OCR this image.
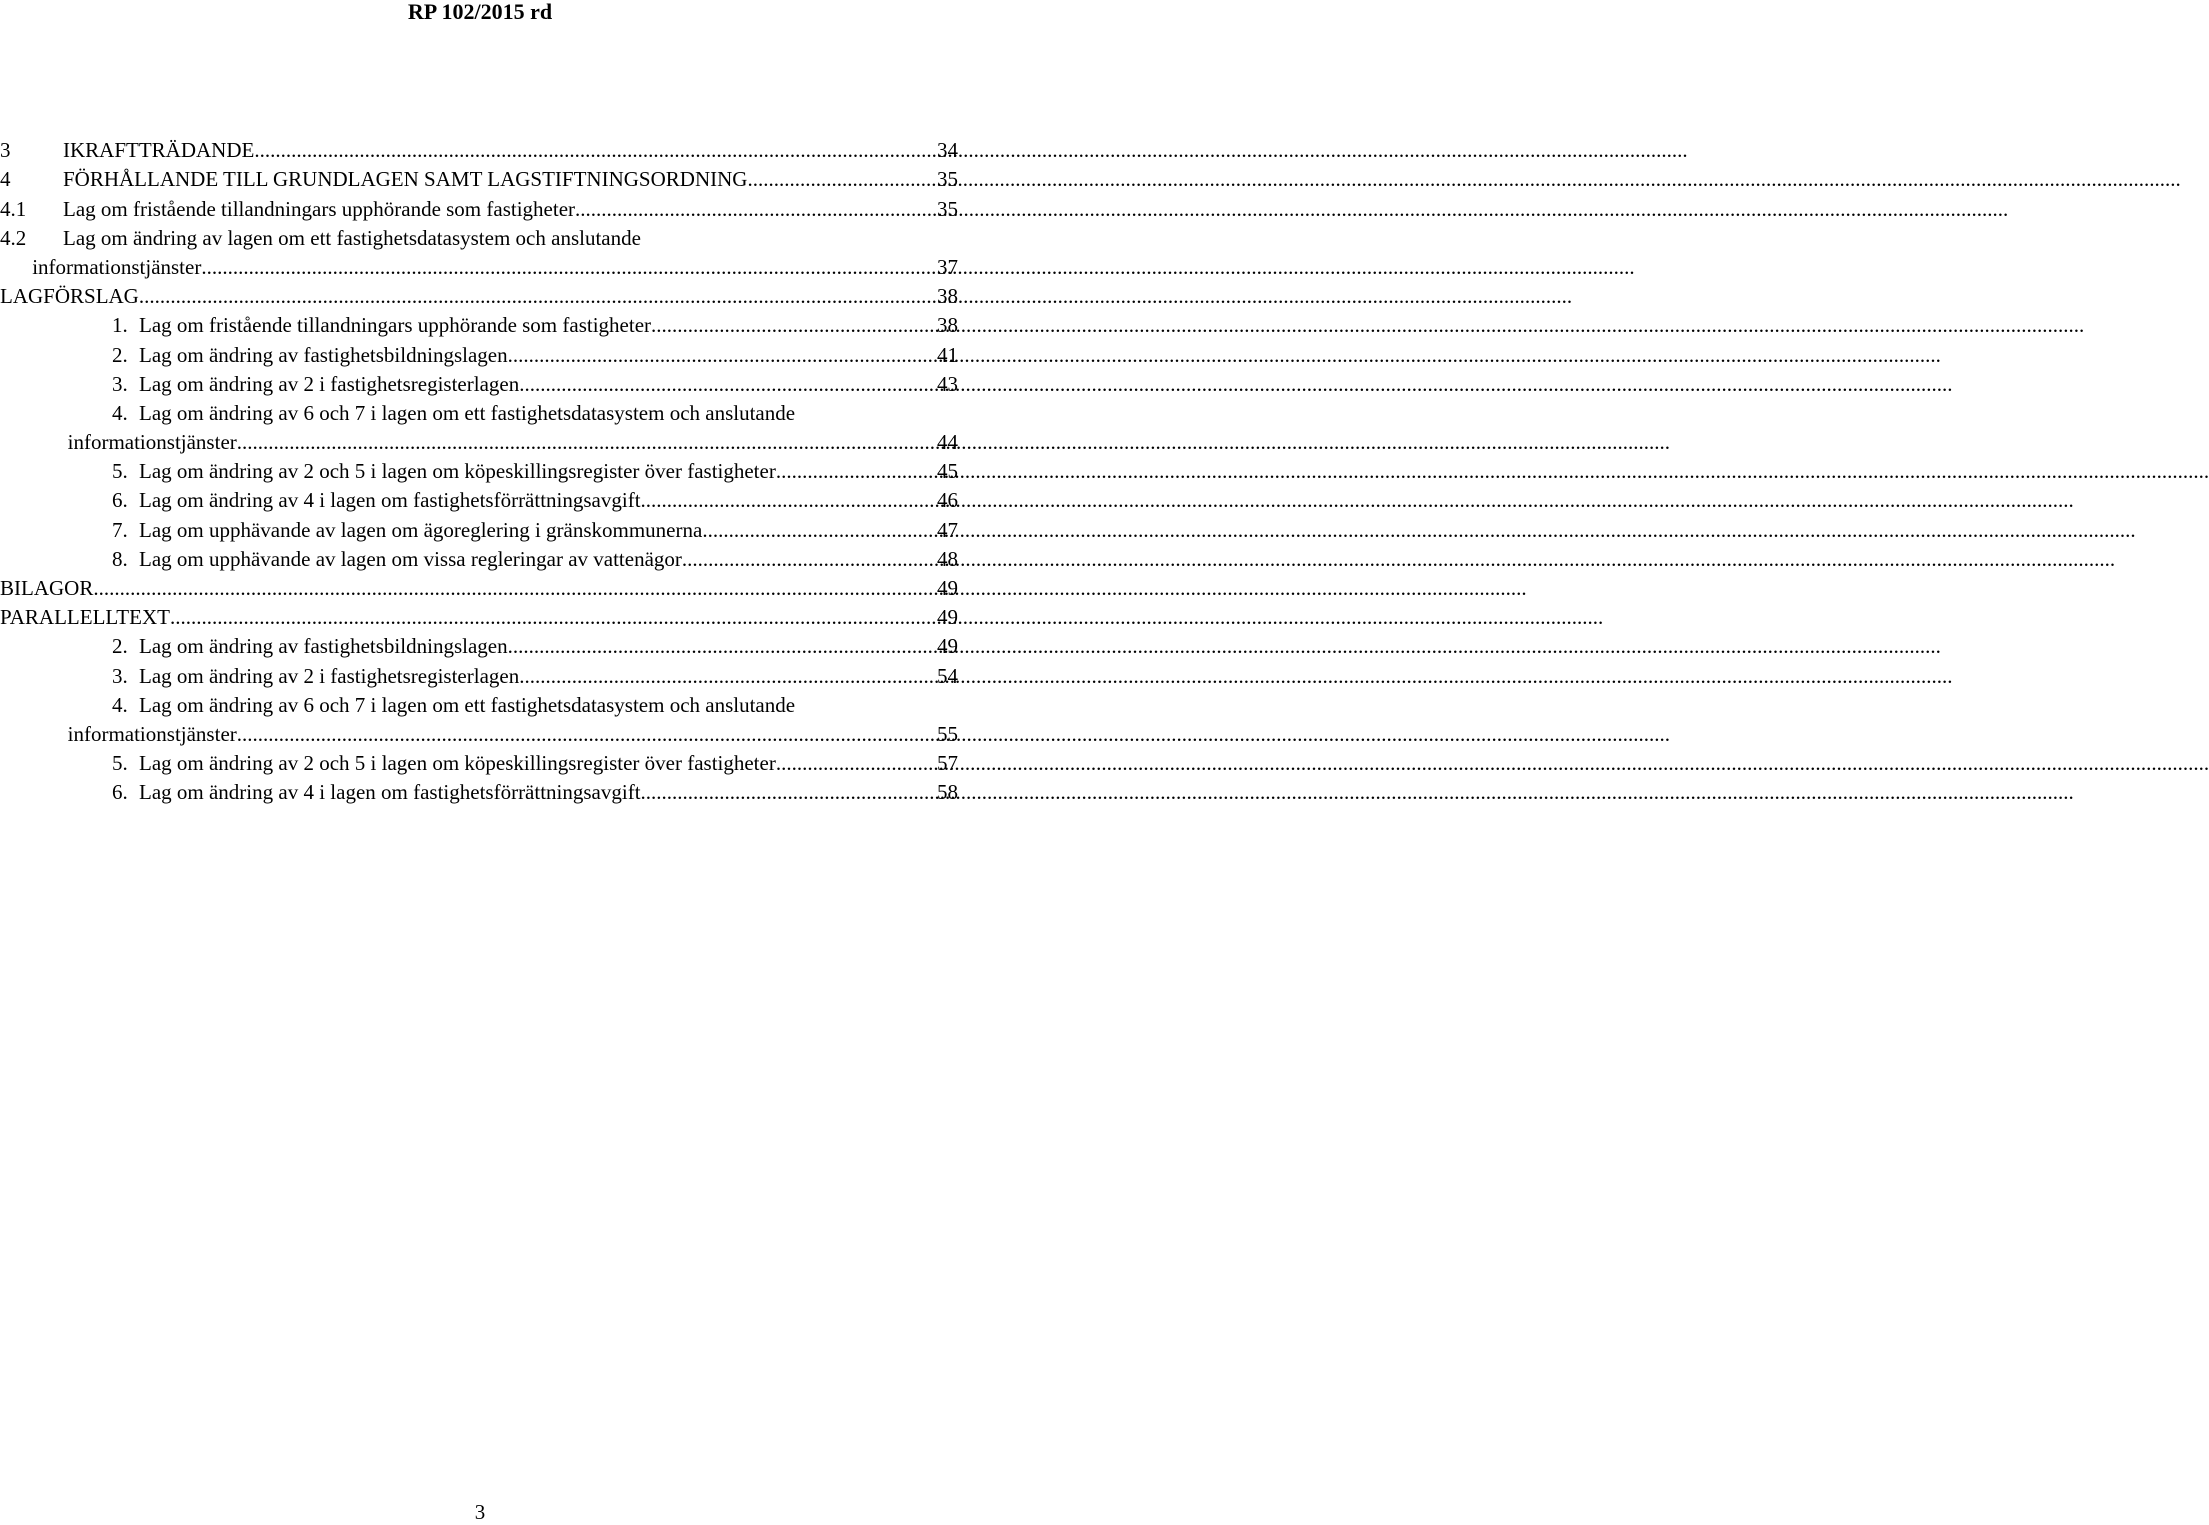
RP 102/2015 rd
3	IKRAFTTRÄDANDE .....	34
4	FÖRHÅLLANDE TILL GRUNDLAGEN SAMT LAGSTIFTNINGSORDNING .....	35
4.1	Lag om fristående tillandningars upphörande som fastigheter .....	35
4.2	Lag om ändring av lagen om ett fastighetsdatasystem och anslutande
informationstjänster .....	37
LAGFÖRSLAG .....	38
1. Lag om fristående tillandningars upphörande som fastigheter .....	38
2. Lag om ändring av fastighetsbildningslagen .....	41
3. Lag om ändring av 2 i fastighetsregisterlagen .....	43
4. Lag om ändring av 6 och 7 i lagen om ett fastighetsdatasystem och anslutande
informationstjänster .....	44
5. Lag om ändring av 2 och 5 i lagen om köpeskillingsregister över fastigheter .....	45
6. Lag om ändring av 4 i lagen om fastighetsförrättningsavgift .....	46
7. Lag om upphävande av lagen om ägoreglering i gränskommunerna .....	47
8. Lag om upphävande av lagen om vissa regleringar av vattenägor .....	48
BILAGOR .....	49
PARALLELLTEXT .....	49
2. Lag om ändring av fastighetsbildningslagen .....	49
3. Lag om ändring av 2 i fastighetsregisterlagen .....	54
4. Lag om ändring av 6 och 7 i lagen om ett fastighetsdatasystem och anslutande
informationstjänster .....	55
5. Lag om ändring av 2 och 5 i lagen om köpeskillingsregister över fastigheter .....	57
6. Lag om ändring av 4 i lagen om fastighetsförrättningsavgift .....	58
3
